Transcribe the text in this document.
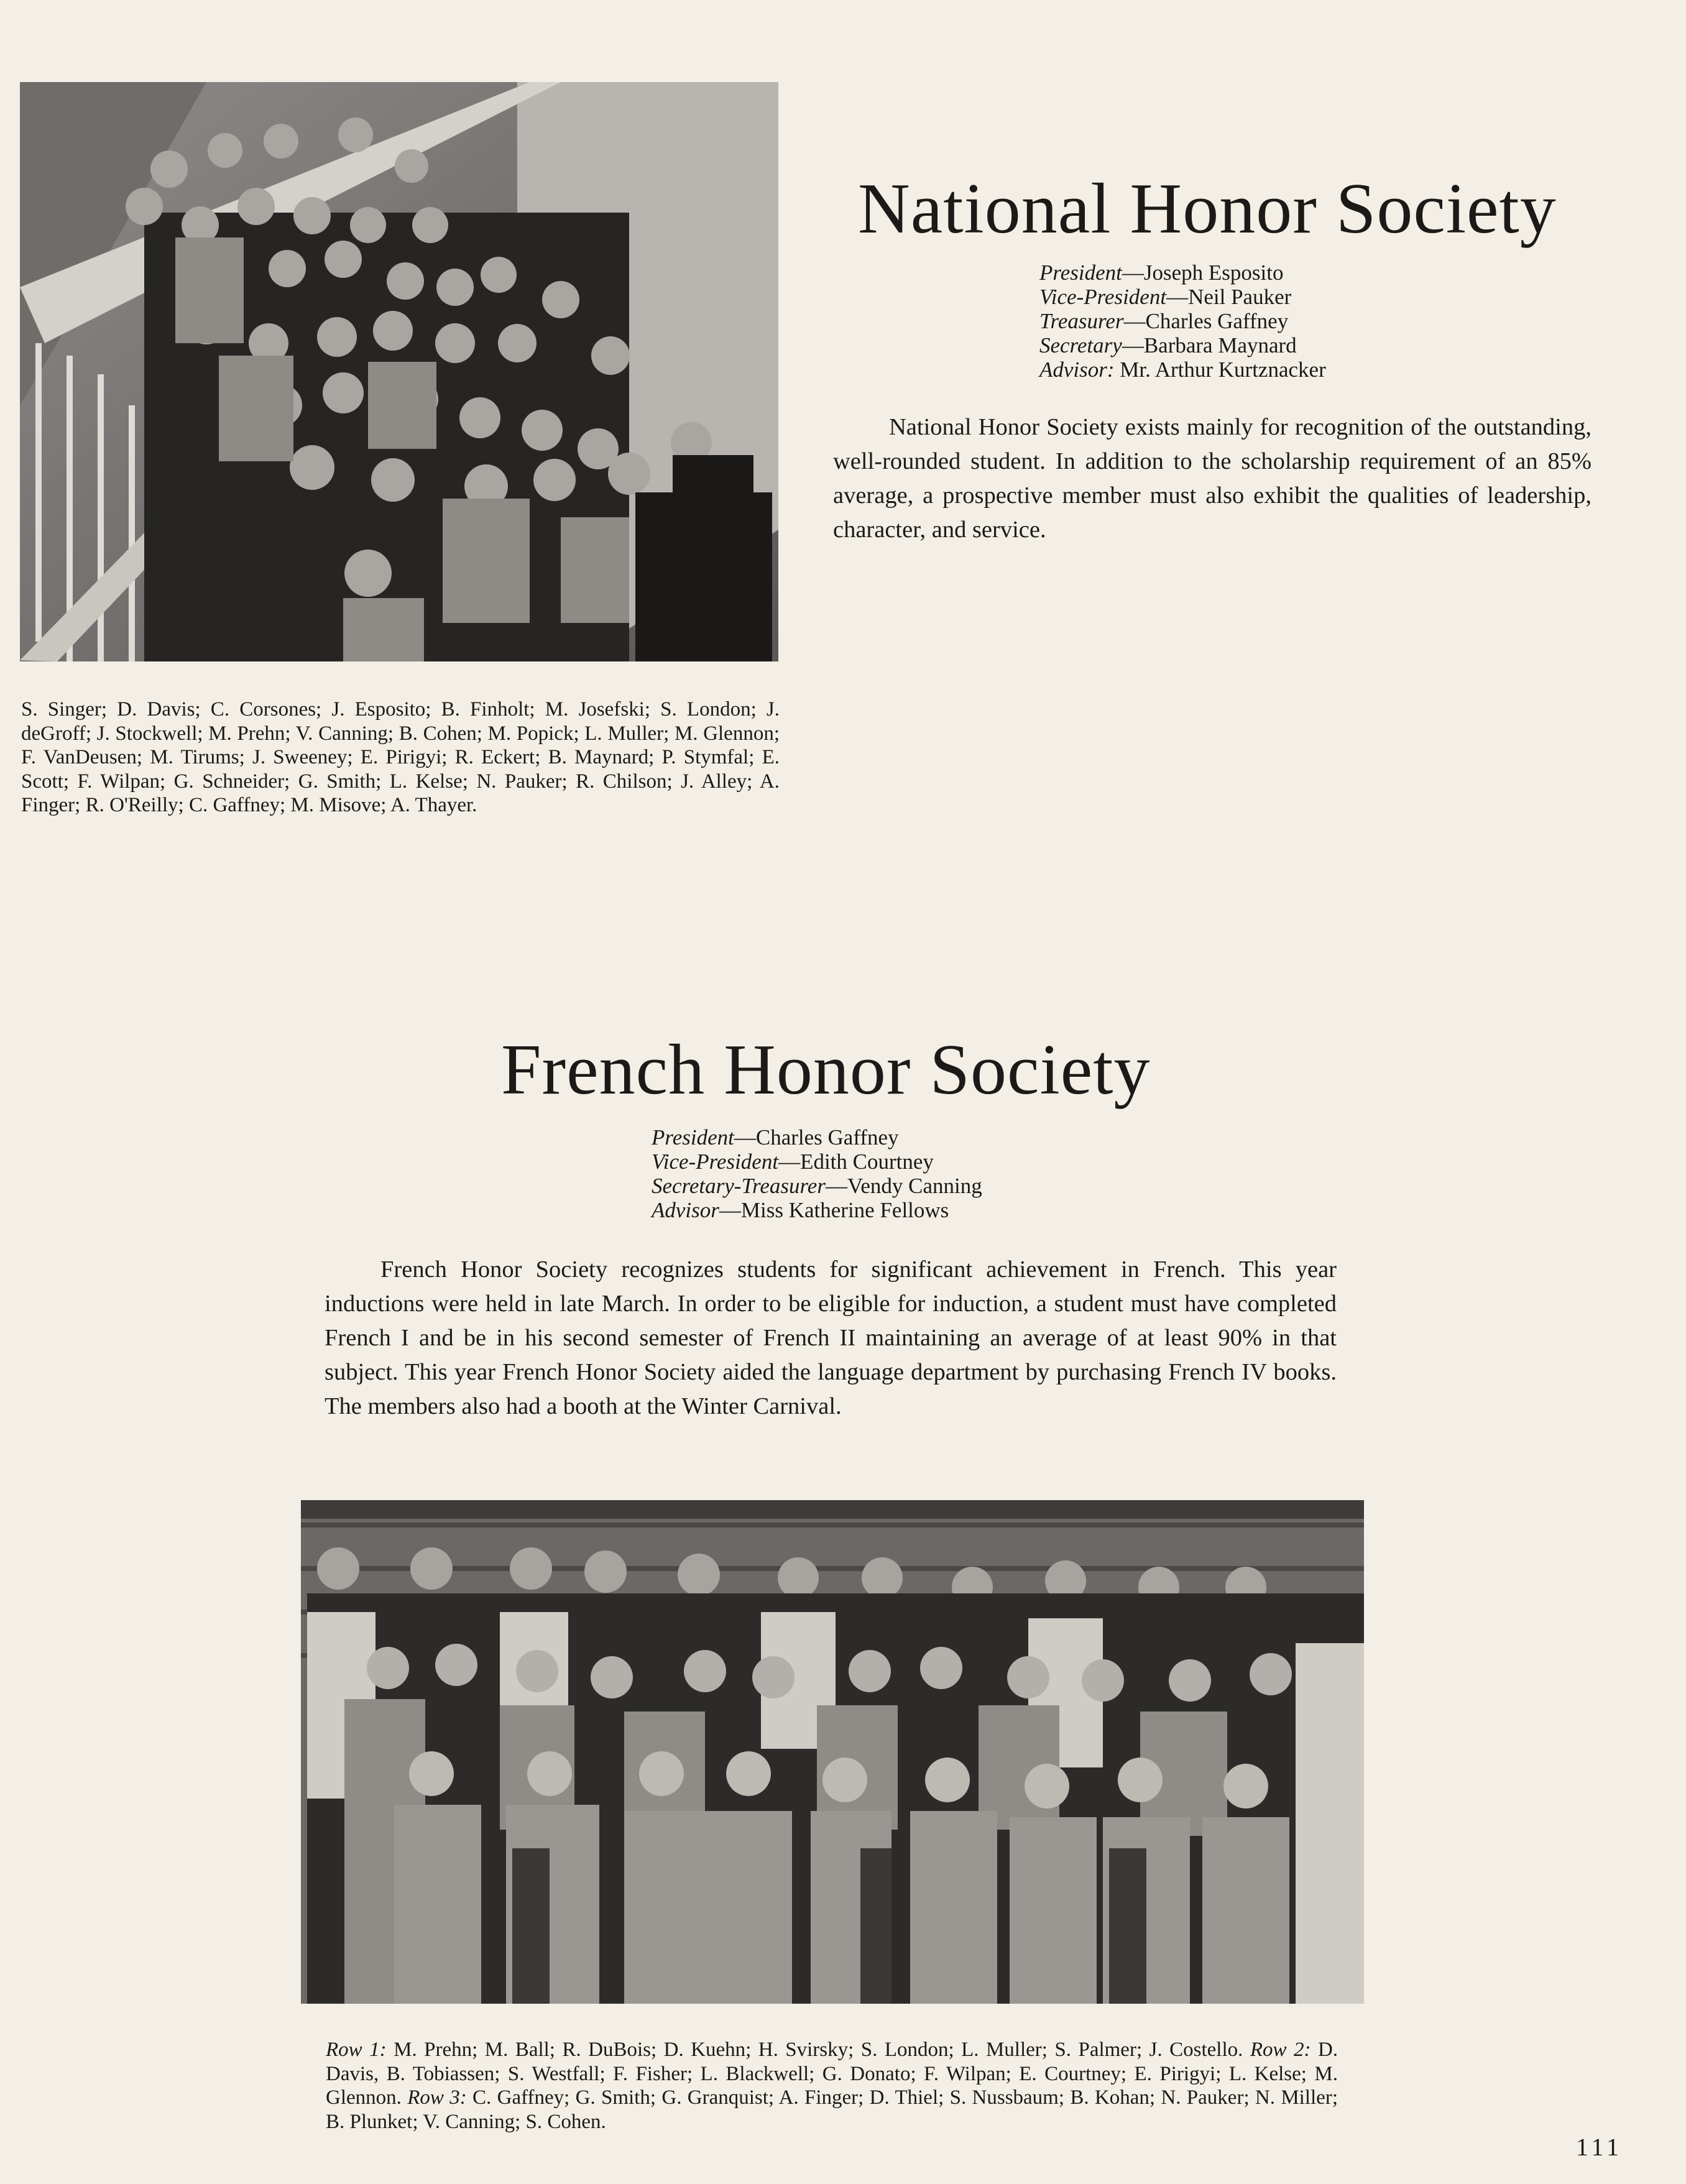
National Honor Society
President—Joseph Esposito
Vice-President—Neil Pauker
Treasurer—Charles Gaffney
Secretary—Barbara Maynard
Advisor: Mr. Arthur Kurtznacker

National Honor Society exists mainly for recognition of the outstanding, well-rounded student. In addition to the scholarship requirement of an 85% average, a prospective member must also exhibit the qualities of leadership, character, and service.

S. Singer; D. Davis; C. Corsones; J. Esposito; B. Finholt; M. Josefski; S. London; J. deGroff; J. Stockwell; M. Prehn; V. Canning; B. Cohen; M. Popick; L. Muller; M. Glennon; F. VanDeusen; M. Tirums; J. Sweeney; E. Pirigyi; R. Eckert; B. Maynard; P. Stymfal; E. Scott; F. Wilpan; G. Schneider; G. Smith; L. Kelse; N. Pauker; R. Chilson; J. Alley; A. Finger; R. O'Reilly; C. Gaffney; M. Misove; A. Thayer.

French Honor Society
President—Charles Gaffney
Vice-President—Edith Courtney
Secretary-Treasurer—Vendy Canning
Advisor—Miss Katherine Fellows

French Honor Society recognizes students for significant achievement in French. This year inductions were held in late March. In order to be eligible for induction, a student must have completed French I and be in his second semester of French II maintaining an average of at least 90% in that subject. This year French Honor Society aided the language department by purchasing French IV books. The members also had a booth at the Winter Carnival.

Row 1: M. Prehn; M. Ball; R. DuBois; D. Kuehn; H. Svirsky; S. London; L. Muller; S. Palmer; J. Costello. Row 2: D. Davis, B. Tobiassen; S. Westfall; F. Fisher; L. Blackwell; G. Donato; F. Wilpan; E. Courtney; E. Pirigyi; L. Kelse; M. Glennon. Row 3: C. Gaffney; G. Smith; G. Granquist; A. Finger; D. Thiel; S. Nussbaum; B. Kohan; N. Pauker; N. Miller; B. Plunket; V. Canning; S. Cohen.

111
